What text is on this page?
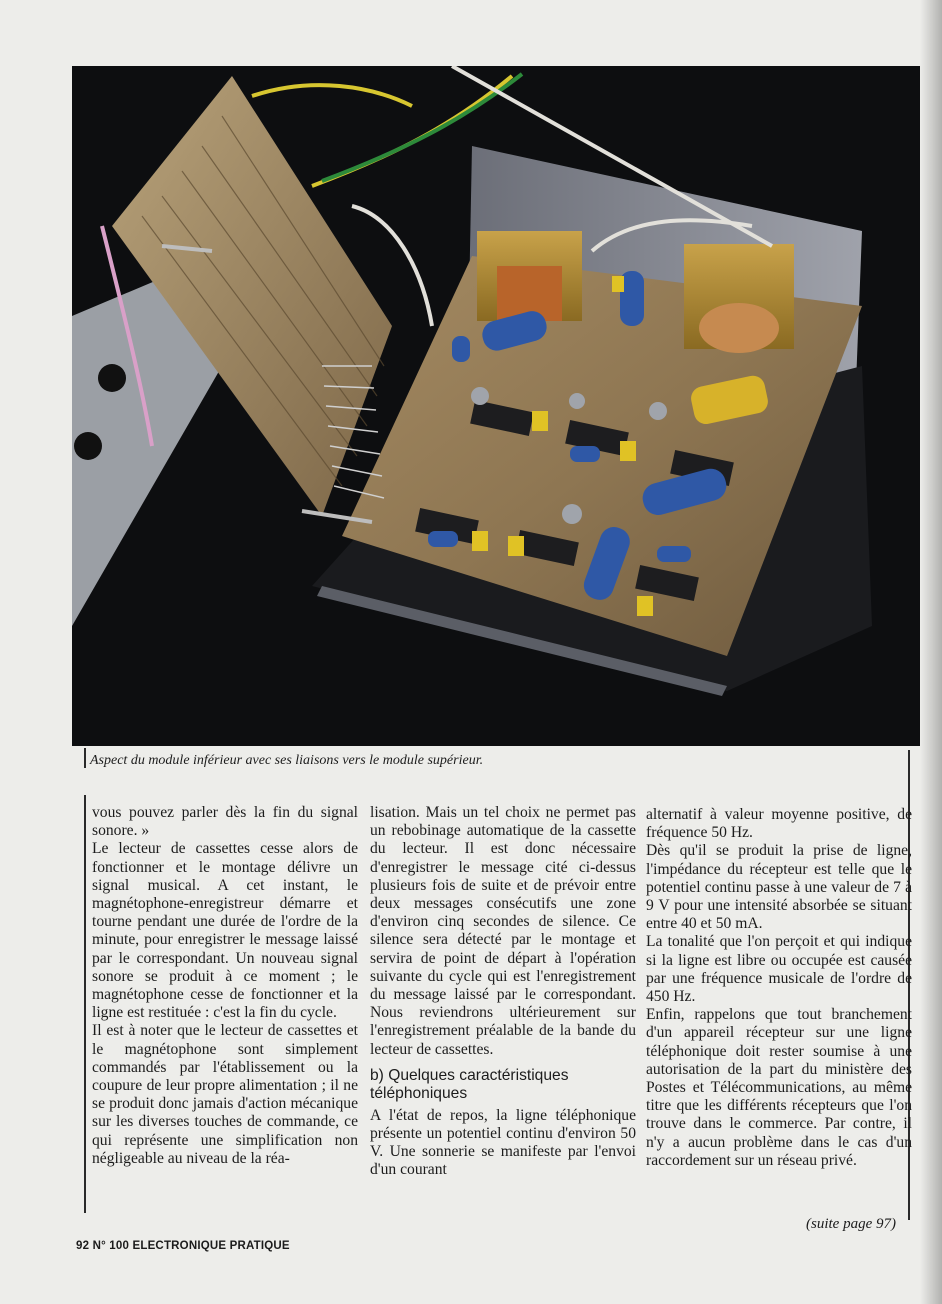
Aspect du module inférieur avec ses liaisons vers le module supérieur.

vous pouvez parler dès la fin du signal sonore. »

Le lecteur de cassettes cesse alors de fonctionner et le montage délivre un signal musical. A cet instant, le magnétophone-enregistreur démarre et tourne pendant une durée de l'ordre de la minute, pour enregistrer le message laissé par le correspondant. Un nouveau signal sonore se produit à ce moment ; le magnétophone cesse de fonctionner et la ligne est restituée : c'est la fin du cycle.

Il est à noter que le lecteur de cassettes et le magnétophone sont simplement commandés par l'établissement ou la coupure de leur propre alimentation ; il ne se produit donc jamais d'action mécanique sur les diverses touches de commande, ce qui représente une simplification non négligeable au niveau de la réa-

lisation. Mais un tel choix ne permet pas un rebobinage automatique de la cassette du lecteur. Il est donc nécessaire d'enregistrer le message cité ci-dessus plusieurs fois de suite et de prévoir entre deux messages consécutifs une zone d'environ cinq secondes de silence. Ce silence sera détecté par le montage et servira de point de départ à l'opération suivante du cycle qui est l'enregistrement du message laissé par le correspondant. Nous reviendrons ultérieurement sur l'enregistrement préalable de la bande du lecteur de cassettes.

b) Quelques caractéristiques téléphoniques

A l'état de repos, la ligne téléphonique présente un potentiel continu d'environ 50 V. Une sonnerie se manifeste par l'envoi d'un courant

alternatif à valeur moyenne positive, de fréquence 50 Hz.

Dès qu'il se produit la prise de ligne, l'impédance du récepteur est telle que le potentiel continu passe à une valeur de 7 à 9 V pour une intensité absorbée se situant entre 40 et 50 mA.

La tonalité que l'on perçoit et qui indique si la ligne est libre ou occupée est causée par une fréquence musicale de l'ordre de 450 Hz.

Enfin, rappelons que tout branchement d'un appareil récepteur sur une ligne téléphonique doit rester soumise à une autorisation de la part du ministère des Postes et Télécommunications, au même titre que les différents récepteurs que l'on trouve dans le commerce. Par contre, il n'y a aucun problème dans le cas d'un raccordement sur un réseau privé.

(suite page 97)
92 N° 100 ELECTRONIQUE PRATIQUE
